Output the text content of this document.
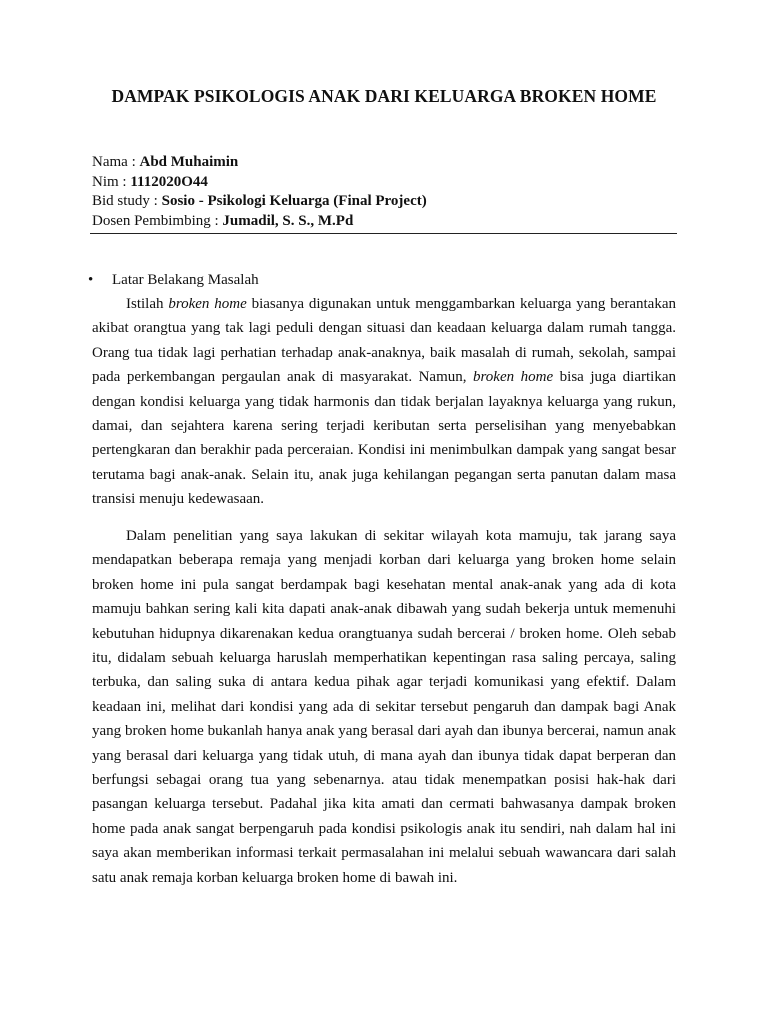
DAMPAK PSIKOLOGIS ANAK DARI KELUARGA BROKEN HOME
Nama : Abd Muhaimin
Nim : 1112020O44
Bid study : Sosio - Psikologi Keluarga (Final Project)
Dosen Pembimbing : Jumadil, S. S., M.Pd
• Latar Belakang Masalah

Istilah broken home biasanya digunakan untuk menggambarkan keluarga yang berantakan akibat orangtua yang tak lagi peduli dengan situasi dan keadaan keluarga dalam rumah tangga. Orang tua tidak lagi perhatian terhadap anak-anaknya, baik masalah di rumah, sekolah, sampai pada perkembangan pergaulan anak di masyarakat. Namun, broken home bisa juga diartikan dengan kondisi keluarga yang tidak harmonis dan tidak berjalan layaknya keluarga yang rukun, damai, dan sejahtera karena sering terjadi keributan serta perselisihan yang menyebabkan pertengkaran dan berakhir pada perceraian. Kondisi ini menimbulkan dampak yang sangat besar terutama bagi anak-anak. Selain itu, anak juga kehilangan pegangan serta panutan dalam masa transisi menuju kedewasaan.

Dalam penelitian yang saya lakukan di sekitar wilayah kota mamuju, tak jarang saya mendapatkan beberapa remaja yang menjadi korban dari keluarga yang broken home selain broken home ini pula sangat berdampak bagi kesehatan mental anak-anak yang ada di kota mamuju bahkan sering kali kita dapati anak-anak dibawah yang sudah bekerja untuk memenuhi kebutuhan hidupnya dikarenakan kedua orangtuanya sudah bercerai / broken home. Oleh sebab itu, didalam sebuah keluarga haruslah memperhatikan kepentingan rasa saling percaya, saling terbuka, dan saling suka di antara kedua pihak agar terjadi komunikasi yang efektif. Dalam keadaan ini, melihat dari kondisi yang ada di sekitar tersebut pengaruh dan dampak bagi Anak yang broken home bukanlah hanya anak yang berasal dari ayah dan ibunya bercerai, namun anak yang berasal dari keluarga yang tidak utuh, di mana ayah dan ibunya tidak dapat berperan dan berfungsi sebagai orang tua yang sebenarnya. atau tidak menempatkan posisi hak-hak dari pasangan keluarga tersebut. Padahal jika kita amati dan cermati bahwasanya dampak broken home pada anak sangat berpengaruh pada kondisi psikologis anak itu sendiri, nah dalam hal ini saya akan memberikan informasi terkait permasalahan ini melalui sebuah wawancara dari salah satu anak remaja korban keluarga broken home di bawah ini.
